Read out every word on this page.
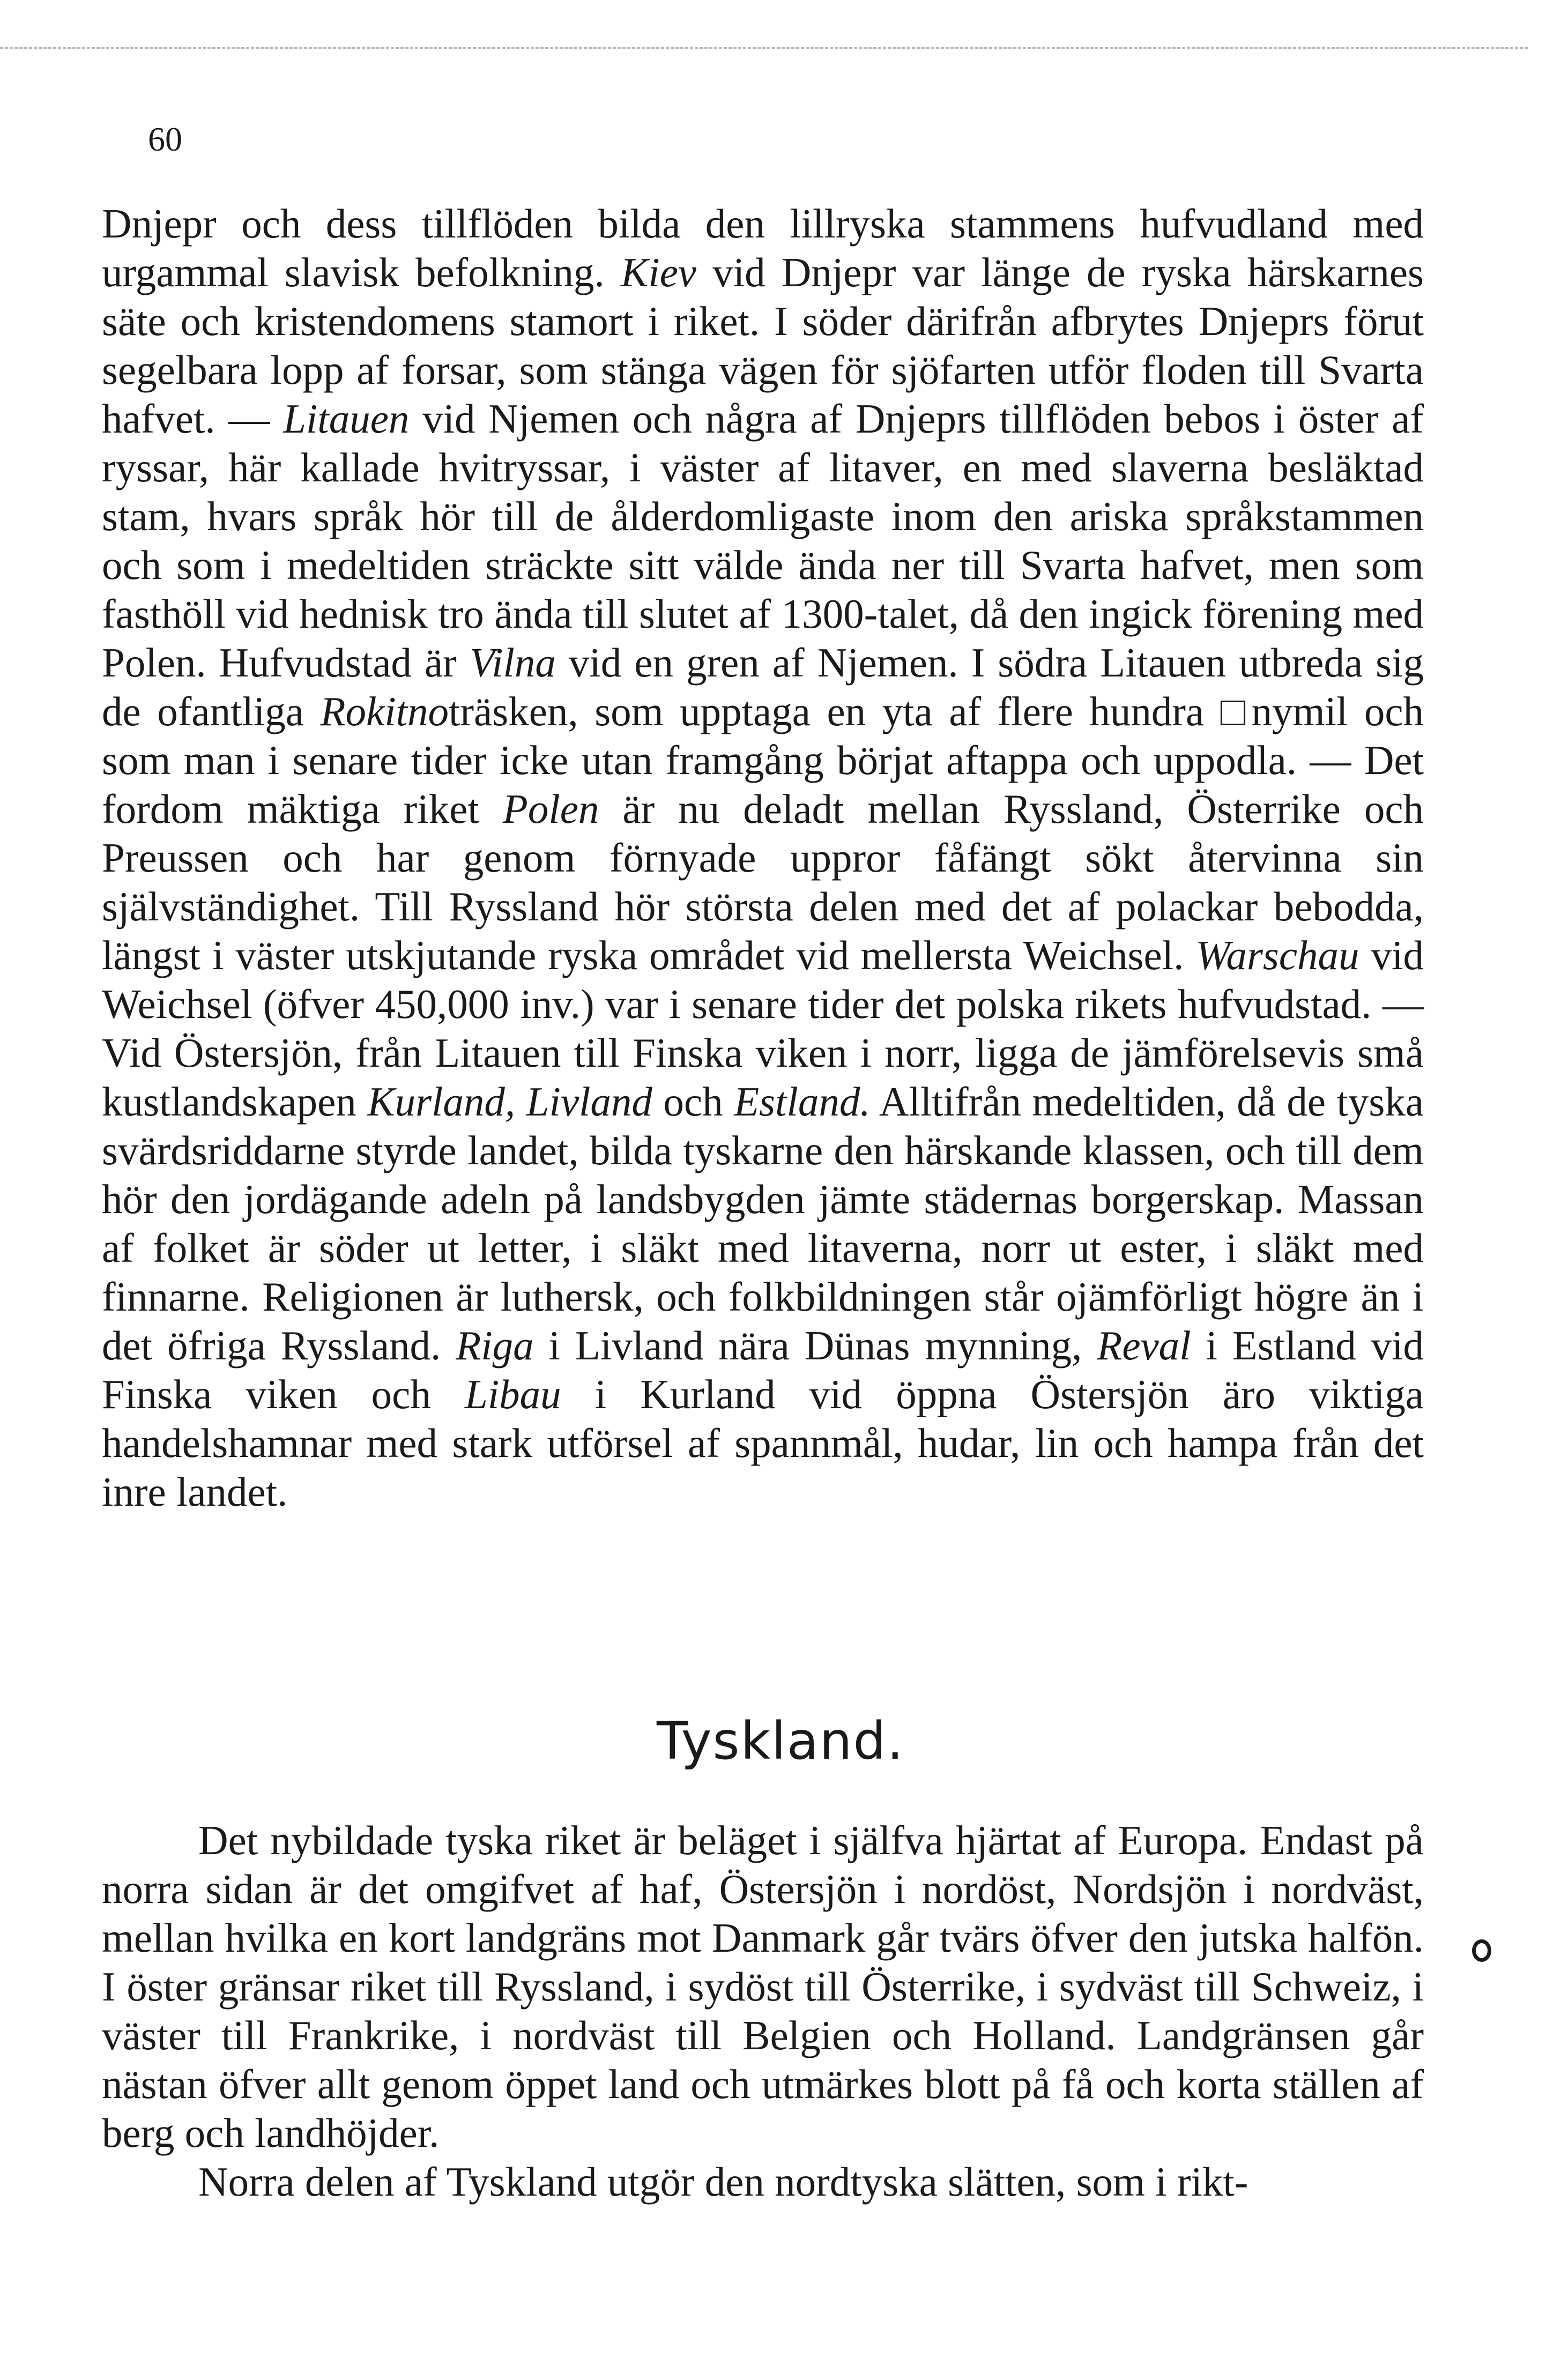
60

Dnjepr och dess tillflöden bilda den lillryska stammens hufvudland med urgammal slavisk befolkning. Kiev vid Dnjepr var länge de ryska härskarnes säte och kristendomens stamort i riket. I söder därifrån afbrytes Dnjeprs förut segelbara lopp af forsar, som stänga vägen för sjöfarten utför floden till Svarta hafvet. — Litauen vid Njemen och några af Dnjeprs tillflöden bebos i öster af ryssar, här kallade hvitryssar, i väster af litaver, en med slaverna besläktad stam, hvars språk hör till de ålderdomligaste inom den ariska språkstammen och som i medeltiden sträckte sitt välde ända ner till Svarta hafvet, men som fasthöll vid hednisk tro ända till slutet af 1300-talet, då den ingick förening med Polen. Hufvudstad är Vilna vid en gren af Njemen. I södra Litauen utbreda sig de ofantliga Rokitnoträsken, som upptaga en yta af flere hundra □nymil och som man i senare tider icke utan framgång börjat aftappa och uppodla. — Det fordom mäktiga riket Polen är nu deladt mellan Ryssland, Österrike och Preussen och har genom förnyade uppror fåfängt sökt återvinna sin självständighet. Till Ryssland hör största delen med det af polackar bebodda, längst i väster utskjutande ryska området vid mellersta Weichsel. Warschau vid Weichsel (öfver 450,000 inv.) var i senare tider det polska rikets hufvudstad. — Vid Östersjön, från Litauen till Finska viken i norr, ligga de jämförelsevis små kustlandskapen Kurland, Livland och Estland. Alltifrån medeltiden, då de tyska svärdsriddarne styrde landet, bilda tyskarne den härskande klassen, och till dem hör den jordägande adeln på landsbygden jämte städernas borgerskap. Massan af folket är söder ut letter, i släkt med litaverna, norr ut ester, i släkt med finnarne. Religionen är luthersk, och folkbildningen står ojämförligt högre än i det öfriga Ryssland. Riga i Livland nära Dünas mynning, Reval i Estland vid Finska viken och Libau i Kurland vid öppna Östersjön äro viktiga handelshamnar med stark utförsel af spannmål, hudar, lin och hampa från det inre landet.

Tyskland.

Det nybildade tyska riket är beläget i själfva hjärtat af Europa. Endast på norra sidan är det omgifvet af haf, Östersjön i nordöst, Nordsjön i nordväst, mellan hvilka en kort landgräns mot Danmark går tvärs öfver den jutska halfön. I öster gränsar riket till Ryssland, i sydöst till Österrike, i sydväst till Schweiz, i väster till Frankrike, i nordväst till Belgien och Holland. Landgränsen går nästan öfver allt genom öppet land och utmärkes blott på få och korta ställen af berg och landhöjder.

Norra delen af Tyskland utgör den nordtyska slätten, som i rikt-
